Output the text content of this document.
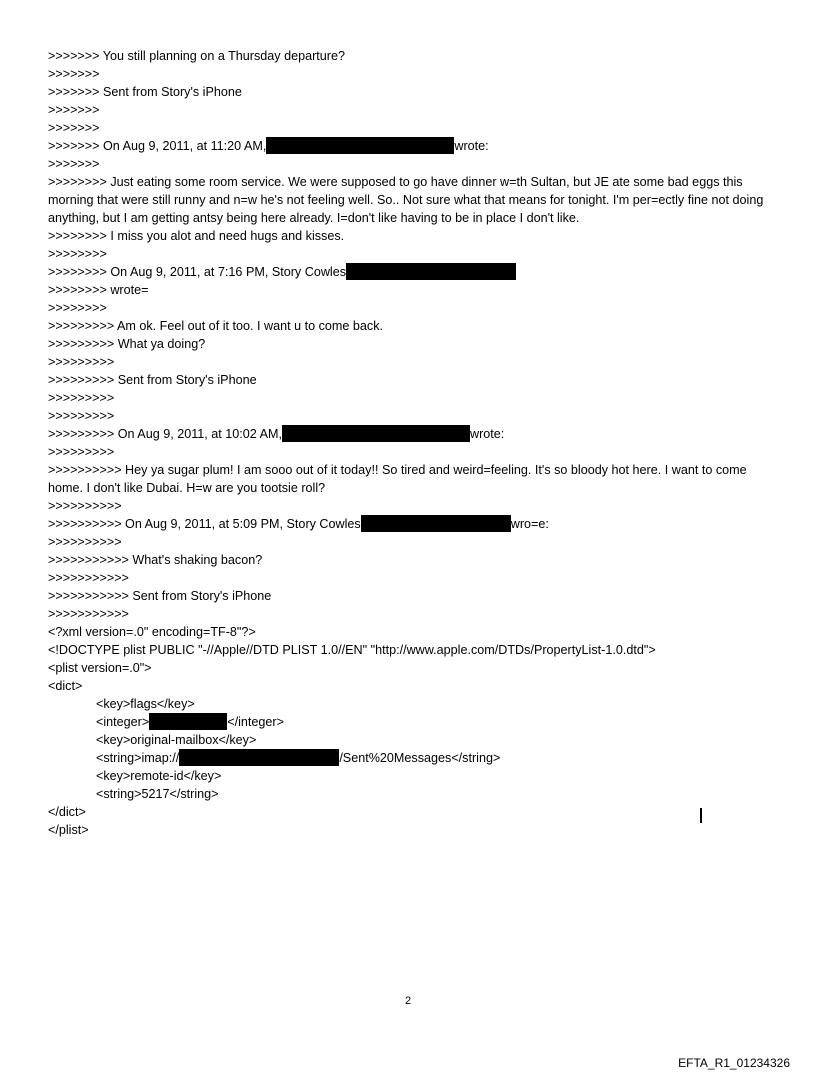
>>>>>>> You still planning on a Thursday departure?
>>>>>>>
>>>>>>> Sent from Story's iPhone
>>>>>>>
>>>>>>>
>>>>>>> On Aug 9, 2011, at 11:20 AM,	wrote:
>>>>>>>
>>>>>>>> Just eating some room service. We were supposed to go have dinner w=th Sultan, but JE ate some bad eggs this morning that were still runny and n=w he's not feeling well. So.. Not sure what that means for tonight. I'm per=ectly fine not doing anything, but I am getting antsy being here already. I=don't like having to be in place I don't like.
>>>>>>>> I miss you alot and need hugs and kisses.
>>>>>>>>
>>>>>>>> On Aug 9, 2011, at 7:16 PM, Story Cowles
>>>>>>>> wrote=
>>>>>>>>
>>>>>>>>> Am ok. Feel out of it too. I want u to come back.
>>>>>>>>> What ya doing?
>>>>>>>>>
>>>>>>>>> Sent from Story's iPhone
>>>>>>>>>
>>>>>>>>>
>>>>>>>>> On Aug 9, 2011, at 10:02 AM,	wrote:
>>>>>>>>>
>>>>>>>>>> Hey ya sugar plum! I am sooo out of it today!! So tired and weird=feeling. It's so bloody hot here. I want to come home. I don't like Dubai. H=w are you tootsie roll?
>>>>>>>>>>
>>>>>>>>>> On Aug 9, 2011, at 5:09 PM, Story Cowles	wro=e:
>>>>>>>>>>
>>>>>>>>>>> What's shaking bacon?
>>>>>>>>>>>
>>>>>>>>>>> Sent from Story's iPhone
>>>>>>>>>>>
<?xml version=.0" encoding=TF-8"?>
<!DOCTYPE plist PUBLIC "-//Apple//DTD PLIST 1.0//EN" "http://www.apple.com/DTDs/PropertyList-1.0.dtd">
<plist version=.0">
<dict>
<key>flags</key>
<integer>	</integer>
<key>original-mailbox</key>
<string>imap://	/Sent%20Messages</string>
<key>remote-id</key>
<string>5217</string>
</dict>
</plist>
2
EFTA_R1_01234326
